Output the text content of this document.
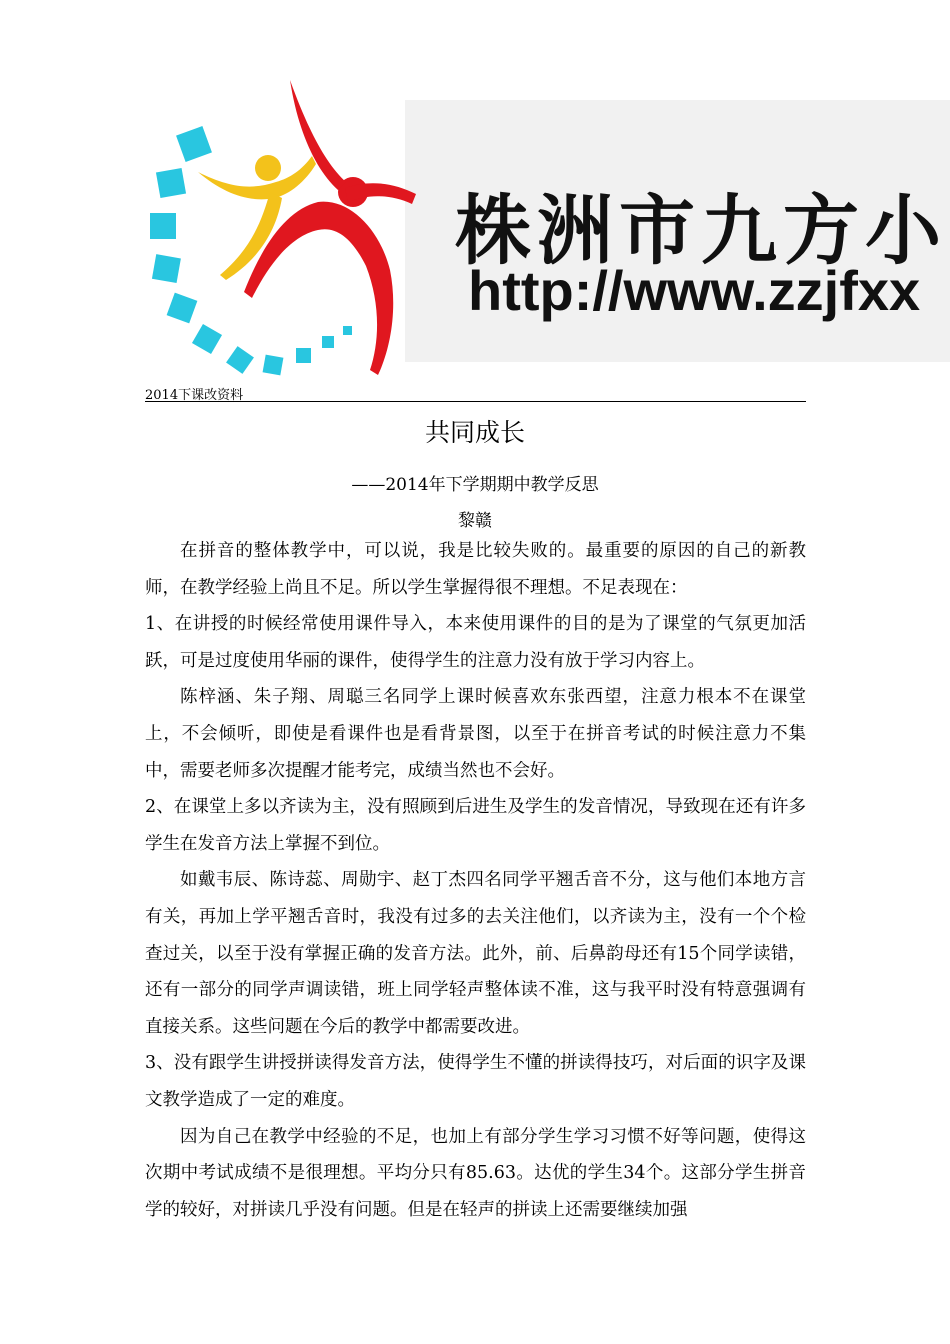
株洲市九方小
http://www.zzjfxx
2014下课改资料
共同成长
——2014年下学期期中教学反思
黎赣

在拼音的整体教学中，可以说，我是比较失败的。最重要的原因的自己的新教师，在教学经验上尚且不足。所以学生掌握得很不理想。不足表现在：

1、在讲授的时候经常使用课件导入，本来使用课件的目的是为了课堂的气氛更加活跃，可是过度使用华丽的课件，使得学生的注意力没有放于学习内容上。

陈梓涵、朱子翔、周聪三名同学上课时候喜欢东张西望，注意力根本不在课堂上，不会倾听，即使是看课件也是看背景图，以至于在拼音考试的时候注意力不集中，需要老师多次提醒才能考完，成绩当然也不会好。

2、在课堂上多以齐读为主，没有照顾到后进生及学生的发音情况，导致现在还有许多学生在发音方法上掌握不到位。

如戴韦辰、陈诗蕊、周勋宇、赵丁杰四名同学平翘舌音不分，这与他们本地方言有关，再加上学平翘舌音时，我没有过多的去关注他们，以齐读为主，没有一个个检查过关，以至于没有掌握正确的发音方法。此外，前、后鼻韵母还有15个同学读错，还有一部分的同学声调读错，班上同学轻声整体读不准，这与我平时没有特意强调有直接关系。这些问题在今后的教学中都需要改进。

3、没有跟学生讲授拼读得发音方法，使得学生不懂的拼读得技巧，对后面的识字及课文教学造成了一定的难度。

因为自己在教学中经验的不足，也加上有部分学生学习习惯不好等问题，使得这次期中考试成绩不是很理想。平均分只有85.63。达优的学生34个。这部分学生拼音学的较好，对拼读几乎没有问题。但是在轻声的拼读上还需要继续加强
